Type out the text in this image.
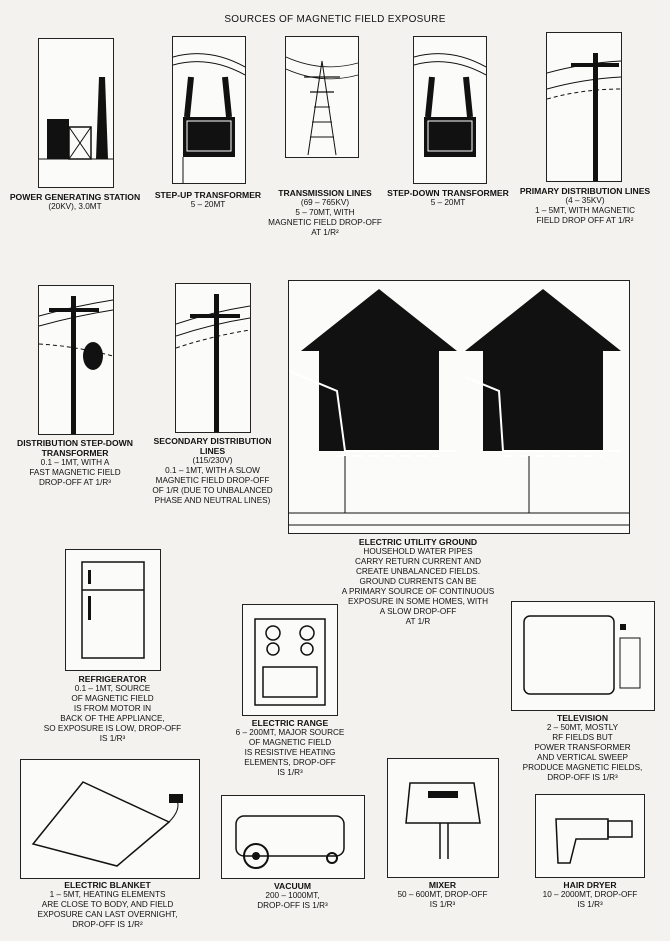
SOURCES OF MAGNETIC FIELD EXPOSURE
POWER GENERATING STATION
(20KV), 3.0MT
STEP-UP TRANSFORMER
5 – 20ΜT
TRANSMISSION LINES
(69 – 765KV)
5 – 70ΜT, WITH
MAGNETIC FIELD DROP-OFF
AT 1/R²
STEP-DOWN TRANSFORMER
5 – 20ΜT
PRIMARY DISTRIBUTION LINES
(4 – 35KV)
1 – 5ΜT, WITH MAGNETIC
FIELD DROP OFF AT 1/R²
DISTRIBUTION STEP-DOWN TRANSFORMER
0.1 – 1ΜT, WITH A
FAST MAGNETIC FIELD
DROP-OFF AT 1/R³
SECONDARY DISTRIBUTION LINES
(115/230V)
0.1 – 1ΜT, WITH A SLOW
MAGNETIC FIELD DROP-OFF
OF 1/R (DUE TO UNBALANCED
PHASE AND NEUTRAL LINES)
ELECTRIC UTILITY GROUND
HOUSEHOLD WATER PIPES
CARRY RETURN CURRENT AND
CREATE UNBALANCED FIELDS.
GROUND CURRENTS CAN BE
A PRIMARY SOURCE OF CONTINUOUS
EXPOSURE IN SOME HOMES, WITH
A SLOW DROP-OFF
AT 1/R
REFRIGERATOR
0.1 – 1ΜT, SOURCE
OF MAGNETIC FIELD
IS FROM MOTOR IN
BACK OF THE APPLIANCE,
SO EXPOSURE IS LOW, DROP-OFF
IS 1/R³
ELECTRIC RANGE
6 – 200ΜT, MAJOR SOURCE
OF MAGNETIC FIELD
IS RESISTIVE HEATING
ELEMENTS, DROP-OFF
IS 1/R³
TELEVISION
2 – 50ΜT, MOSTLY
RF FIELDS BUT
POWER TRANSFORMER
AND VERTICAL SWEEP
PRODUCE MAGNETIC FIELDS,
DROP-OFF IS 1/R³
ELECTRIC BLANKET
1 – 5ΜT, HEATING ELEMENTS
ARE CLOSE TO BODY, AND FIELD
EXPOSURE CAN LAST OVERNIGHT,
DROP-OFF IS 1/R²
VACUUM
200 – 1000ΜT,
DROP-OFF IS 1/R³
MIXER
50 – 600ΜT, DROP-OFF
IS 1/R³
HAIR DRYER
10 – 2000ΜT, DROP-OFF
IS 1/R³
